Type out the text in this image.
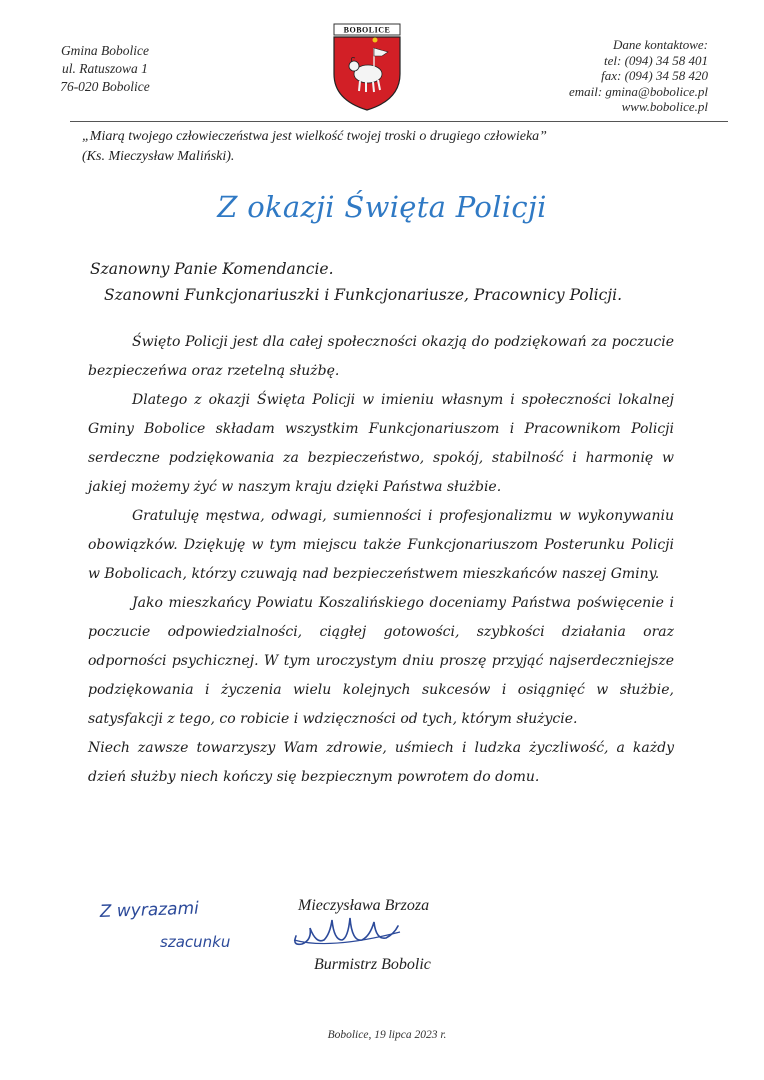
Gmina Bobolice
ul. Ratuszowa 1
76-020 Bobolice
BOBOLICE
Dane kontaktowe:
tel: (094) 34 58 401
fax: (094) 34 58 420
email: gmina@bobolice.pl
www.bobolice.pl
„Miarą twojego człowieczeństwa jest wielkość twojej troski o drugiego człowieka”
(Ks. Mieczysław Maliński).
Z okazji Święta Policji
Szanowny Panie Komendancie.
Szanowni Funkcjonariuszki i Funkcjonariusze, Pracownicy Policji.

Święto Policji jest dla całej społeczności okazją do podziękowań za poczucie bezpieczeńwa oraz rzetelną służbę.

Dlatego z okazji Święta Policji w imieniu własnym i społeczności lokalnej Gminy Bobolice składam wszystkim Funkcjonariuszom i Pracownikom Policji serdeczne podziękowania za bezpieczeństwo, spokój, stabilność i harmonię w jakiej możemy żyć w naszym kraju dzięki Państwa służbie.

Gratuluję męstwa, odwagi, sumienności i profesjonalizmu w wykonywaniu obowiązków. Dziękuję w tym miejscu także Funkcjonariuszom Posterunku Policji w Bobolicach, którzy czuwają nad bezpieczeństwem mieszkańców naszej Gminy.

Jako mieszkańcy Powiatu Koszalińskiego doceniamy Państwa poświęcenie i poczucie odpowiedzialności, ciągłej gotowości, szybkości działania oraz odporności psychicznej. W tym uroczystym dniu proszę przyjąć najserdeczniejsze podziękowania i życzenia wielu kolejnych sukcesów i osiągnięć w służbie, satysfakcji z tego, co robicie i wdzięczności od tych, którym służycie.

Niech zawsze towarzyszy Wam zdrowie, uśmiech i ludzka życzliwość, a każdy dzień służby niech kończy się bezpiecznym powrotem do domu.

Z wyrazami
szacunku
Mieczysława Brzoza
Burmistrz Bobolic
Bobolice, 19 lipca 2023 r.
